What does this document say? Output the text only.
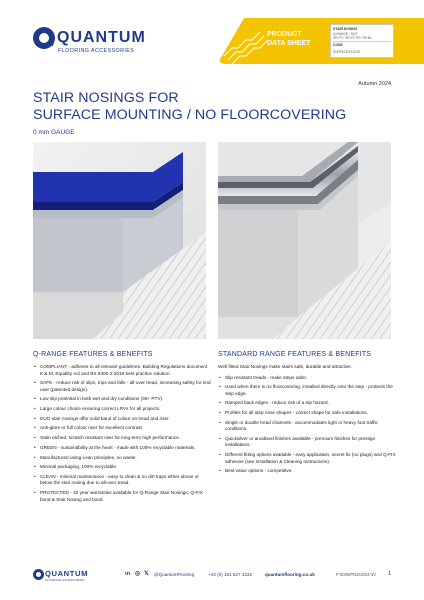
QUANTUM
FLOORING ACCESSORIES
PRODUCT
DATA SHEET
STAIR NOSING
Q-RANGE / SLIP
SR-PT / SR-PT-TR / SR-BL
CODE
SURFACE/FLOOR
Autumn 2024
STAIR NOSINGS FOR
SURFACE MOUNTING / NO FLOORCOVERING
0 mm GAUGE
Q-RANGE FEATURES & BENEFITS	STANDARD RANGE FEATURES & BENEFITS
• COMPLIANT - adheres to all relevant guidelines: Building Regulations document K & M, Equality Act and BS 8300-2:2018 best practice solution.
• SAFE - reduce risk of slips, trips and falls - all-over tread, increasing safety for end user (patented design).
• Low slip potential in both wet and dry conditions (36+ PTV).
• Large colour choice ensuring correct LRVs for all projects.
• DUO stair nosings offer solid band of colour on tread and riser.
• Anti-glare or full colour riser for excellent contrast.
• Satin etched, scratch resistant riser for long-term high performance.
• GREEN - sustainability at the heart - made with 100% recyclable materials.
• Manufactured using Lean principles, no waste.
• Minimal packaging, 100% recyclable.
• CLEAN - minimal maintenance - easy to clean & no dirt traps either above or below the stair nosing due to all-over tread.
• PROTECTED - 10 year warranties available for Q-Range Stair Nosings, Q-FIX bond & Stair Nosing and bond.
Well fitted Stair Nosings make stairs safe, durable and attractive.
• Slip resistant treads - make steps safer.
• Used when there is no floorcovering, installed directly onto the step - protects the step edge.
• Ramped back edges - reduce risk of a trip hazard.
• Profiles for all step nose shapes - correct shape for safe installations.
• Single or double tread channels - accommodates light or heavy foot traffic conditions.
• Quicksilver or anodised finishes available - premium finishes for prestige installations.
• Different fitting options available - easy application, secret fix (no plugs) and Q-FIX adhesive (see Installation & Cleaning Instructions).
• Best value options - competitive.
QUANTUM
FLOORING ACCESSORIES
in ◎ 𝕏 @QuantumFlooring	+44 (0) 161 627 4222	quantumflooring.co.uk	F-0008/PDS/2024-3V 1
